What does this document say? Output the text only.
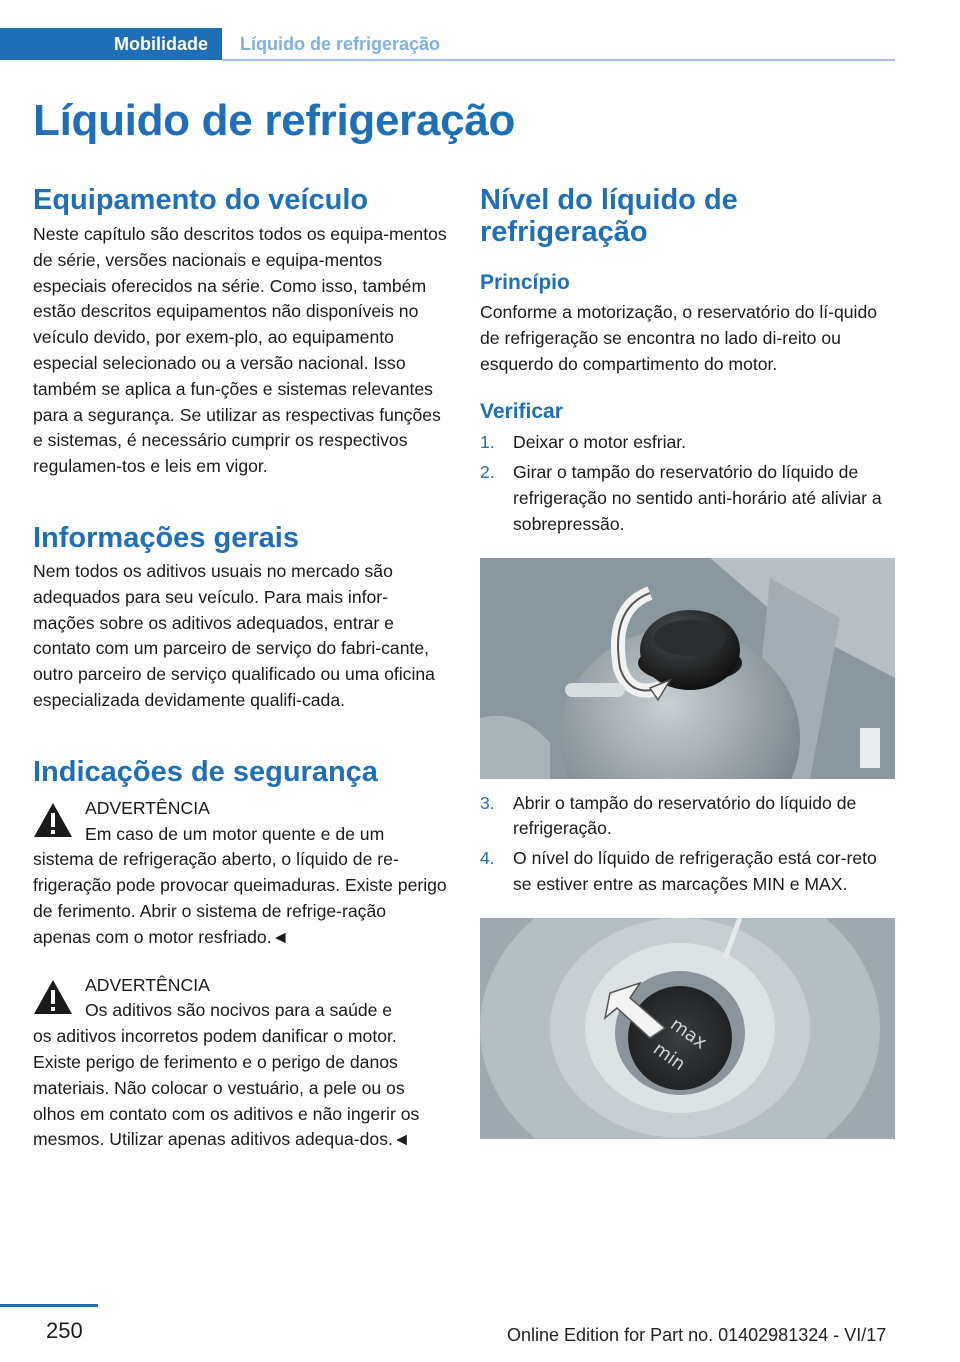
Mobilidade	Líquido de refrigeração
Líquido de refrigeração
Equipamento do veículo

Neste capítulo são descritos todos os equipa-mentos de série, versões nacionais e equipa-mentos especiais oferecidos na série. Como isso, também estão descritos equipamentos não disponíveis no veículo devido, por exem-plo, ao equipamento especial selecionado ou a versão nacional. Isso também se aplica a fun-ções e sistemas relevantes para a segurança. Se utilizar as respectivas funções e sistemas, é necessário cumprir os respectivos regulamen-tos e leis em vigor.

Informações gerais

Nem todos os aditivos usuais no mercado são adequados para seu veículo. Para mais infor-mações sobre os aditivos adequados, entrar e contato com um parceiro de serviço do fabri-cante, outro parceiro de serviço qualificado ou uma oficina especializada devidamente qualifi-cada.

Indicações de segurança

ADVERTÊNCIA

Em caso de um motor quente e de um

sistema de refrigeração aberto, o líquido de re-frigeração pode provocar queimaduras. Existe perigo de ferimento. Abrir o sistema de refrige-ração apenas com o motor resfriado.◄

ADVERTÊNCIA

Os aditivos são nocivos para a saúde e

os aditivos incorretos podem danificar o motor. Existe perigo de ferimento e o perigo de danos materiais. Não colocar o vestuário, a pele ou os olhos em contato com os aditivos e não ingerir os mesmos. Utilizar apenas aditivos adequa-dos.◄

Nível do líquido de refrigeração
Princípio

Conforme a motorização, o reservatório do lí-quido de refrigeração se encontra no lado di-reito ou esquerdo do compartimento do motor.

Verificar
1. Deixar o motor esfriar.
2. Girar o tampão do reservatório do líquido de refrigeração no sentido anti-horário até aliviar a sobrepressão.
3. Abrir o tampão do reservatório do líquido de refrigeração.
4. O nível do líquido de refrigeração está cor-reto se estiver entre as marcações MIN e MAX.
max
min
250	Online Edition for Part no. 01402981324 - VI/17
